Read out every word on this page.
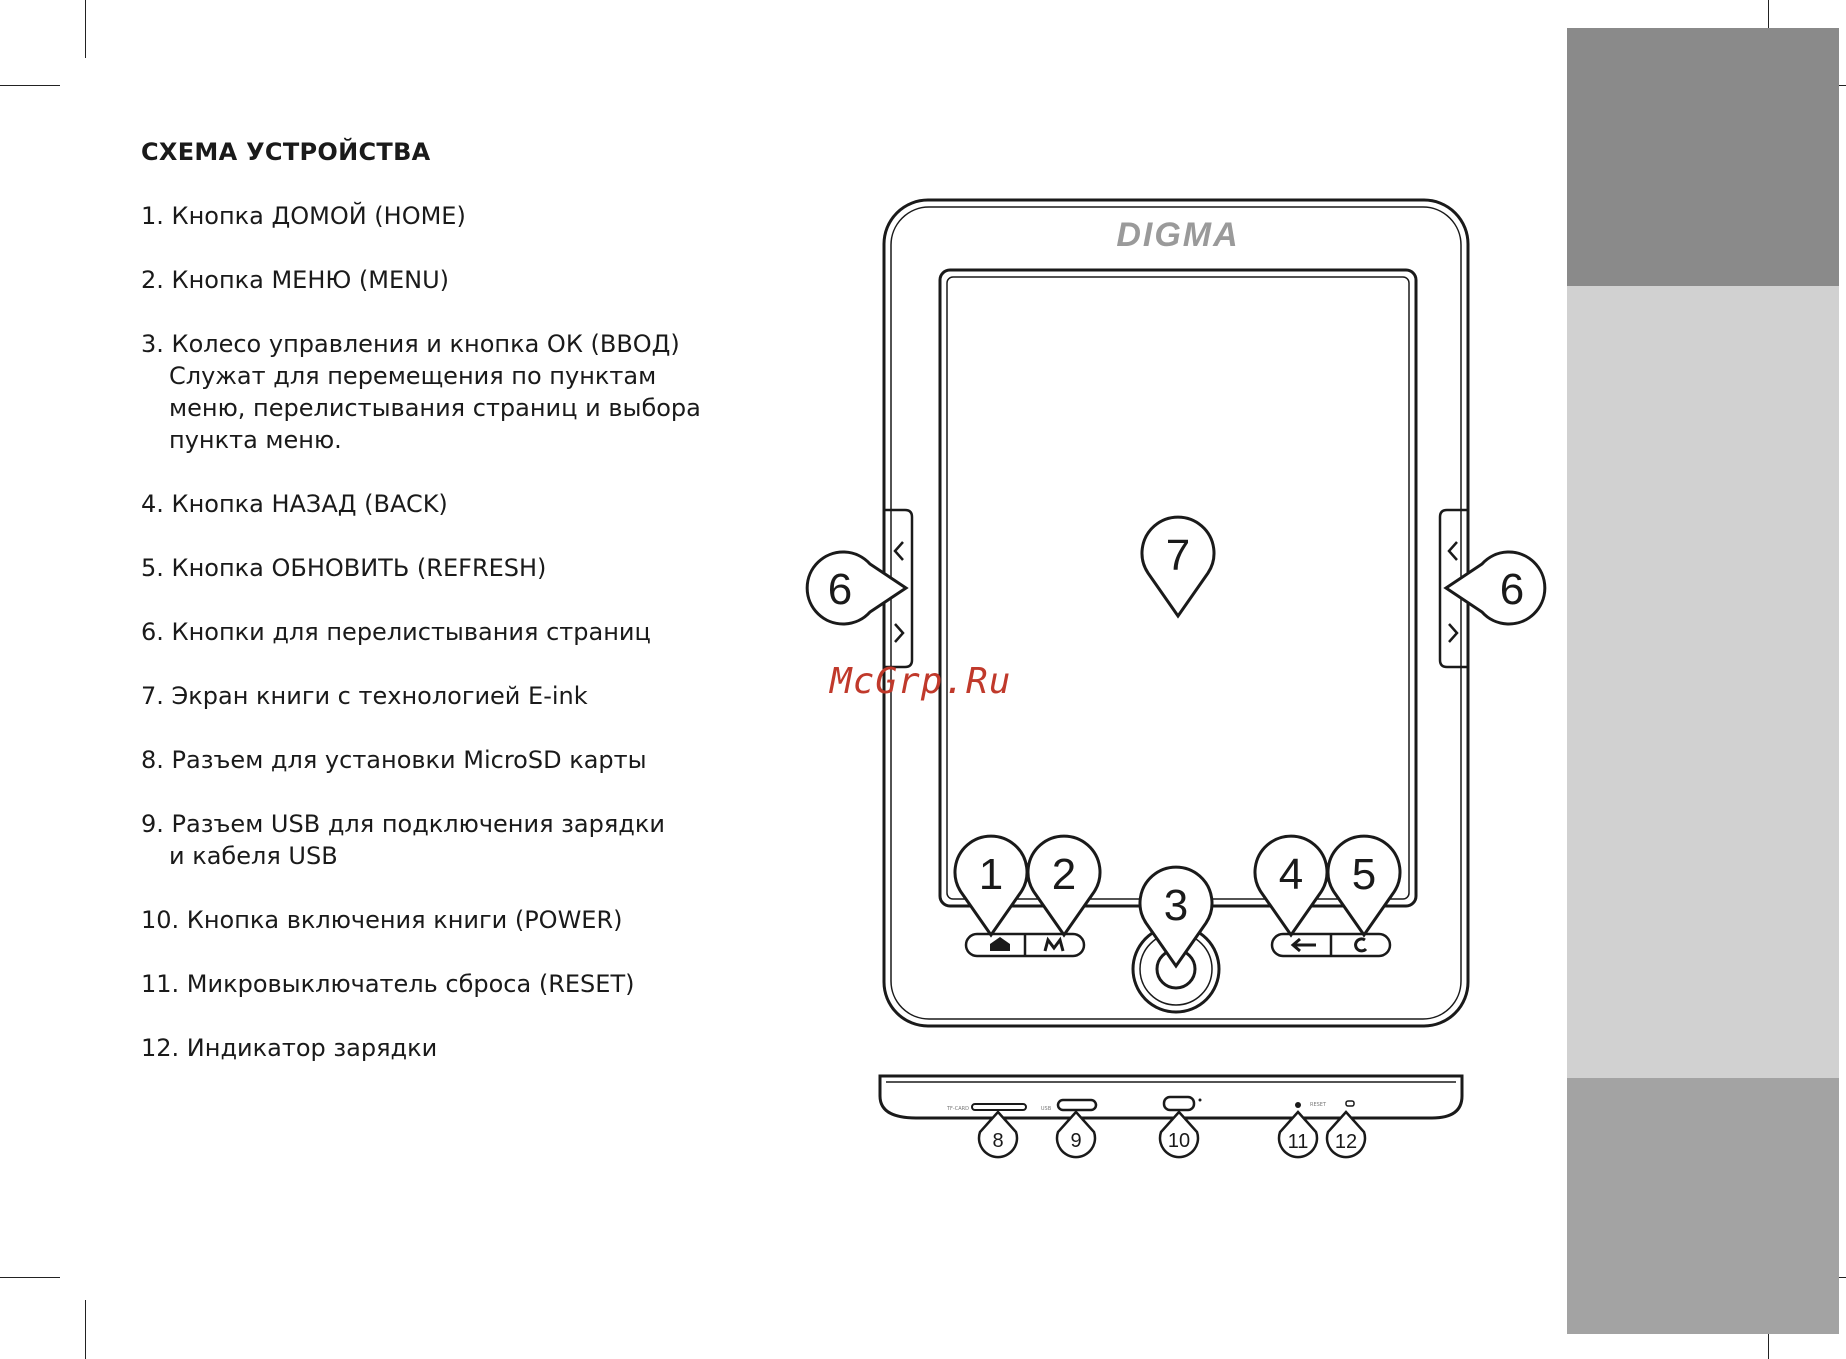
СХЕМА УСТРОЙСТВА
1. Кнопка ДОМОЙ (HOME)
2. Кнопка МЕНЮ (MENU)
3. Колесо управления и кнопка ОК (ВВОД)
Служат для перемещения по пунктам
меню, перелистывания страниц и выбора
пункта меню.
4. Кнопка НАЗАД (BACK)
5. Кнопка ОБНОВИТЬ (REFRESH)
6. Кнопки для перелистывания страниц
7. Экран книги с технологией E-ink
8. Разъем для установки MicroSD карты
9. Разъем USB для подключения зарядки
и кабеля USB
10. Кнопка включения книги (POWER)
11. Микровыключатель сброса (RESET)
12. Индикатор зарядки
DIGMA
TF-CARD	USB
RESET
1 2
3
4 5
6	6
7
8	9	10	11 12
McGrp.Ru
